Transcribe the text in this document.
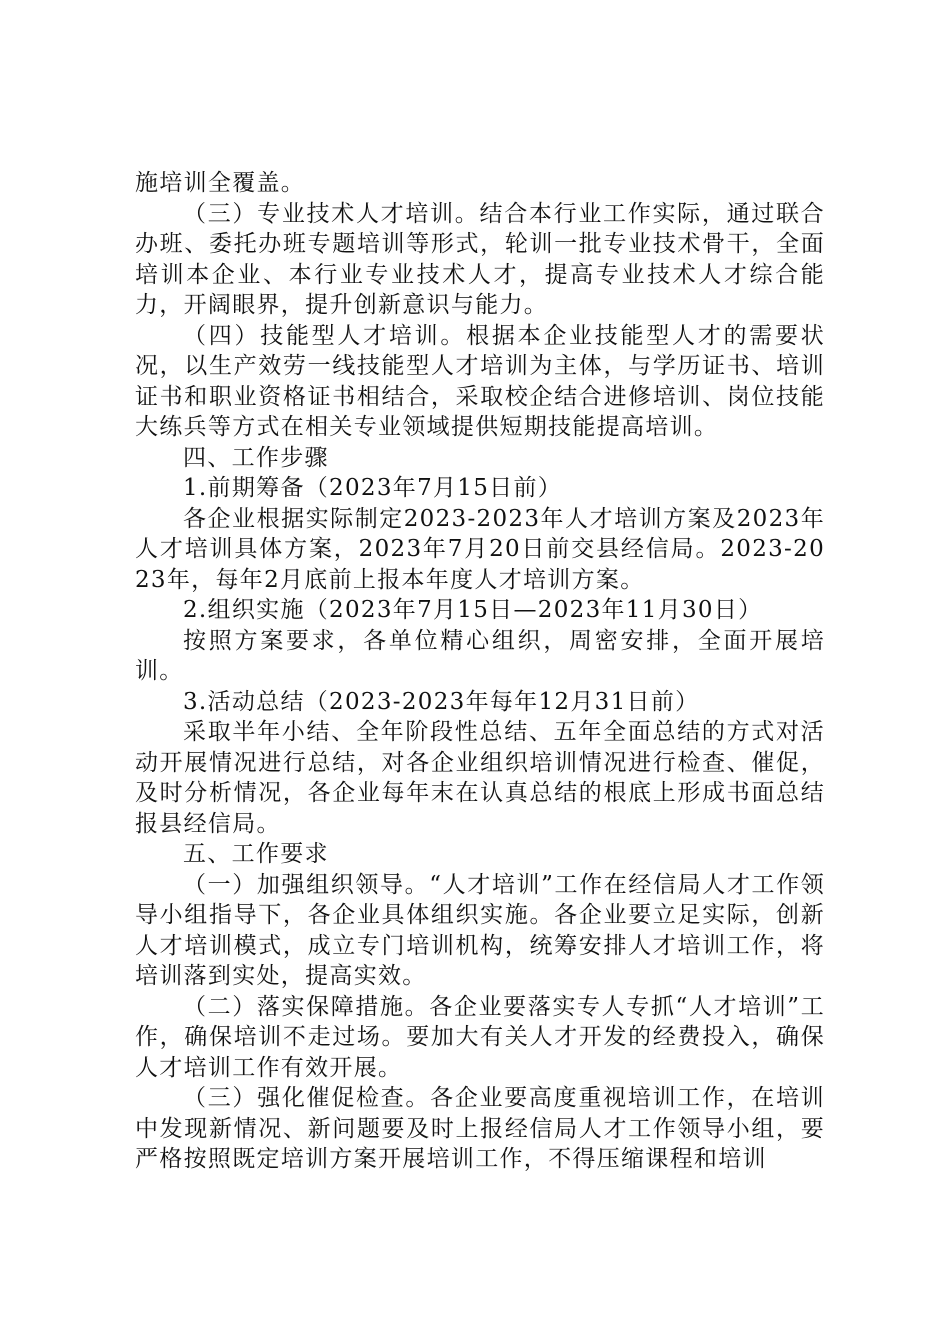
施培训全覆盖。

（三）专业技术人才培训。结合本行业工作实际，通过联合办班、委托办班专题培训等形式，轮训一批专业技术骨干，全面培训本企业、本行业专业技术人才，提高专业技术人才综合能力，开阔眼界，提升创新意识与能力。

（四）技能型人才培训。根据本企业技能型人才的需要状况，以生产效劳一线技能型人才培训为主体，与学历证书、培训证书和职业资格证书相结合，采取校企结合进修培训、岗位技能大练兵等方式在相关专业领域提供短期技能提高培训。

四、工作步骤

1.前期筹备（2023年7月15日前）

各企业根据实际制定2023-2023年人才培训方案及2023年人才培训具体方案，2023年7月20日前交县经信局。2023-2023年，每年2月底前上报本年度人才培训方案。

2.组织实施（2023年7月15日—2023年11月30日）

按照方案要求，各单位精心组织，周密安排，全面开展培训。

3.活动总结（2023-2023年每年12月31日前）

采取半年小结、全年阶段性总结、五年全面总结的方式对活动开展情况进行总结，对各企业组织培训情况进行检查、催促，及时分析情况，各企业每年末在认真总结的根底上形成书面总结报县经信局。

五、工作要求

（一）加强组织领导。“人才培训”工作在经信局人才工作领导小组指导下，各企业具体组织实施。各企业要立足实际，创新人才培训模式，成立专门培训机构，统筹安排人才培训工作，将培训落到实处，提高实效。

（二）落实保障措施。各企业要落实专人专抓“人才培训”工作，确保培训不走过场。要加大有关人才开发的经费投入，确保人才培训工作有效开展。

（三）强化催促检查。各企业要高度重视培训工作，在培训中发现新情况、新问题要及时上报经信局人才工作领导小组，要严格按照既定培训方案开展培训工作，不得压缩课程和培训
